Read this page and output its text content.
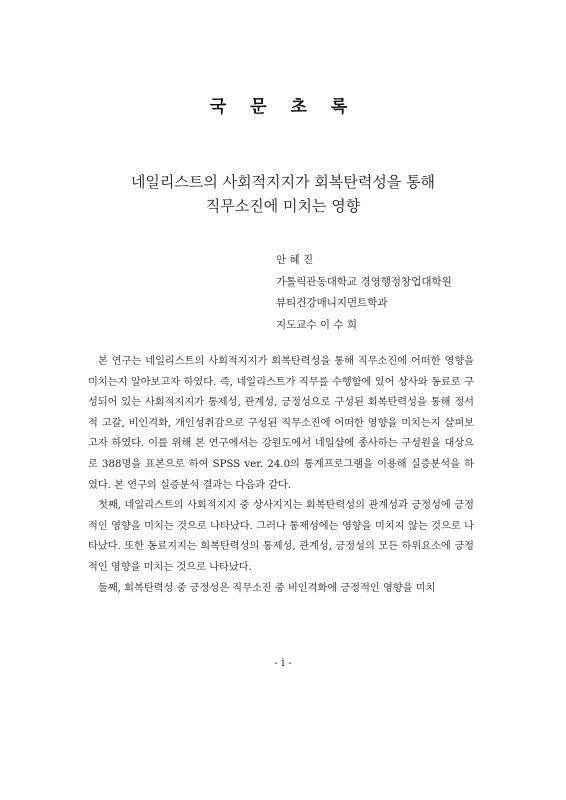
국 문 초 록
네일리스트의 사회적지지가 회복탄력성을 통해
직무소진에 미치는 영향
안 혜 진
가톨릭관동대학교 경영행정창업대학원
뷰티건강매니지먼트학과
지도교수 이 수 희

본 연구는 네일리스트의 사회적지지가 회복탄력성을 통해 직무소진에 어떠한 영향을 미치는지 알아보고자 하였다. 즉, 네일리스트가 직무를 수행함에 있어 상사와 동료로 구성되어 있는 사회적지지가 통제성, 관계성, 긍정성으로 구성된 회복탄력성을 통해 정서적 고갈, 비인격화, 개인성취감으로 구성된 직무소진에 어떠한 영향을 미치는지 살펴보고자 하였다. 이를 위해 본 연구에서는 강원도에서 네일샵에 종사하는 구성원을 대상으로 388명을 표본으로 하여 SPSS ver. 24.0의 통계프로그램을 이용해 실증분석을 하였다. 본 연구의 실증분석 결과는 다음과 같다.

첫째, 네일리스트의 사회적지지 중 상사지지는 회복탄력성의 관계성과 긍정성에 긍정적인 영향을 미치는 것으로 나타났다. 그러나 통제성에는 영향을 미치지 않는 것으로 나타났다. 또한 동료지지는 회복탄력성의 통제성, 관계성, 긍정성의 모든 하위요소에 긍정적인 영향을 미치는 것으로 나타났다.

둘째, 회복탄력성 중 긍정성은 직무소진 중 비인격화에 긍정적인 영향을 미치

- i -
